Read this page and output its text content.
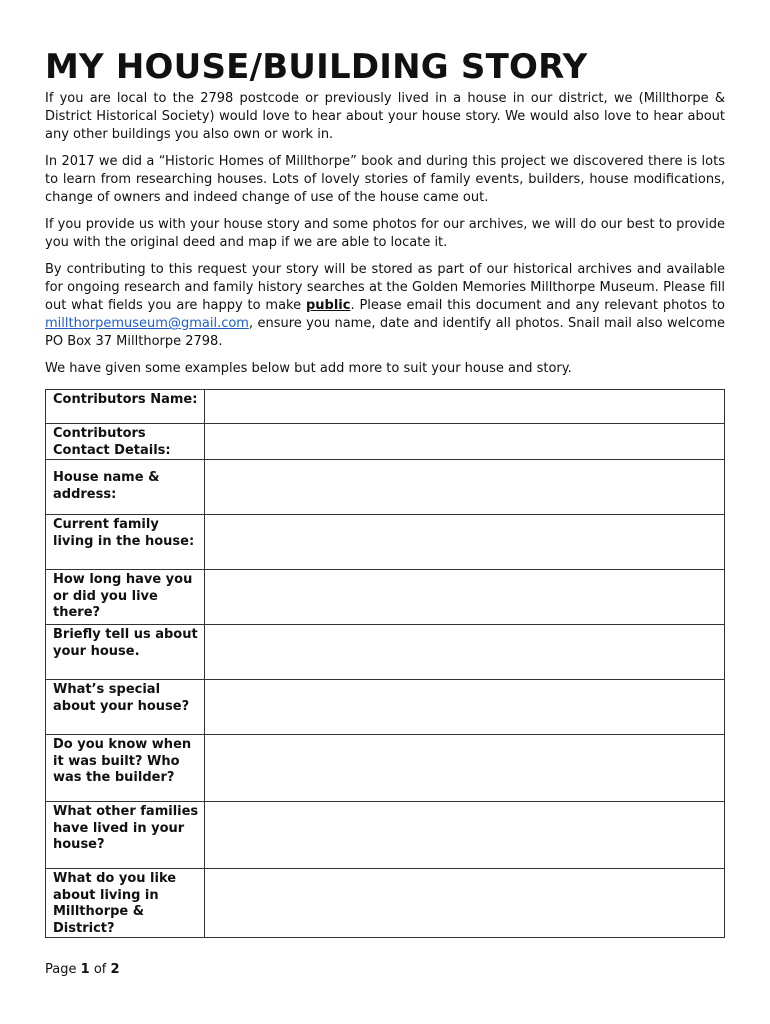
MY HOUSE/BUILDING STORY

If you are local to the 2798 postcode or previously lived in a house in our district, we (Millthorpe & District Historical Society) would love to hear about your house story. We would also love to hear about any other buildings you also own or work in.

In 2017 we did a “Historic Homes of Millthorpe” book and during this project we discovered there is lots to learn from researching houses. Lots of lovely stories of family events, builders, house modifications, change of owners and indeed change of use of the house came out.

If you provide us with your house story and some photos for our archives, we will do our best to provide you with the original deed and map if we are able to locate it.

By contributing to this request your story will be stored as part of our historical archives and available for ongoing research and family history searches at the Golden Memories Millthorpe Museum. Please fill out what fields you are happy to make public. Please email this document and any relevant photos to millthorpemuseum@gmail.com, ensure you name, date and identify all photos. Snail mail also welcome PO Box 37 Millthorpe 2798.

We have given some examples below but add more to suit your house and story.

Contributors Name:	
Contributors Contact Details:	
House name & address:	
Current family living in the house:	
How long have you or did you live there?	
Briefly tell us about your house.	
What’s special about your house?	
Do you know when it was built? Who was the builder?	
What other families have lived in your house?	
What do you like about living in Millthorpe & District?	
Page 1 of 2
